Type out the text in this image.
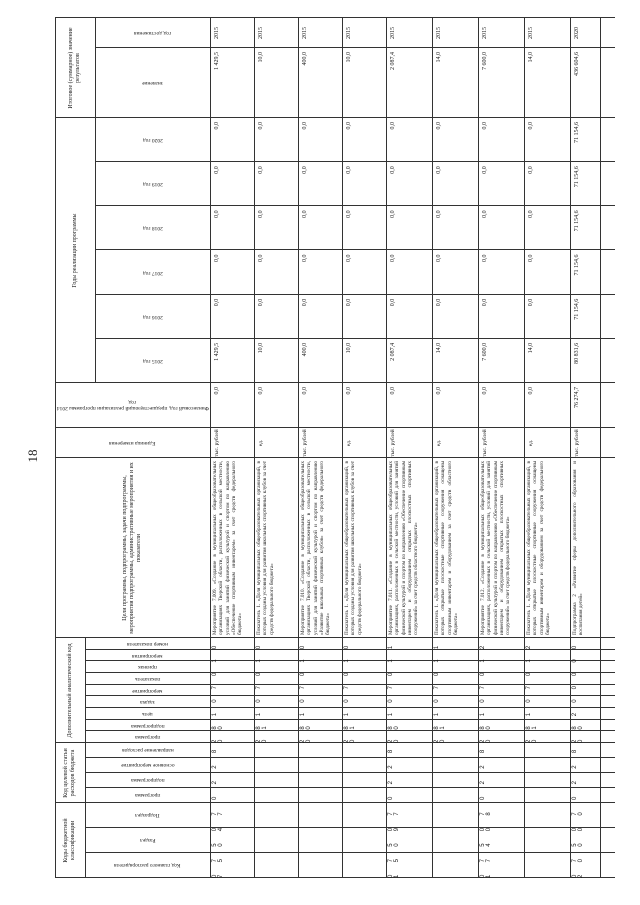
18
Коды бюджетной классификации
Код главного распорядителя
Раздел
Подраздел
Код целевой статьи расходов бюджета	программа
подпрограмма
основное мероприятие
направление расходов
Дополнительный аналитический код	программа
подпрограмма
цель
задача
мероприятие
показатель
признак
мероприятия
номер показателя
Цели программы, подпрограммы, задачи подпрограммы, мероприятия подпрограммы, административные мероприятия и их показатели
Единица измерения
Финансовый год, предшествующий реализации программы 2014 год
Годы реализации программы
2015 год
2016 год
2017 год
2018 год
2019 год
2020 год
Итоговое (суммарное) значение результатов
значение
год достижения
0 7 5 0 7 0 2 2 8 7 5 0 4 7
2 8 1 0 7 0 1 0 0 0
Мероприятие 7.009. «Создание в муниципальных общеобразовательных организациях Тверской области, расположенных в сельской местности, условий для занятий физической культурой и спортом по направлению «Обеспечение спортивным инвентарем» за счет средств федерального бюджета»
тыс. рублей
0,0
1 429,5
0,0
0,0
0,0
0,0
0,0
1 429,5
2015
2 8 1 0 7 0 1 0 0 1
Показатель 1. «Доля муниципальных общеобразовательных организаций, в которых созданы условия для развития школьных спортивных клубов за счет средств федерального бюджета»
ед.
0,0
10,0
0,0
0,0
0,0
0,0
0,0
10,0
2015
2 8 1 0 7 0 1 0 0 0
Мероприятие 7.010. «Создание в муниципальных общеобразовательных организациях Тверской области, расположенных в сельской местности, условий для занятий физической культурой и спортом по направлению «Развитие школьных спортивных клубов» за счет средств федерального бюджета»
тыс. рублей
0,0
400,0
0,0
0,0
0,0
0,0
0,0
400,0
2015
2 8 1 0 7 0 1 0 0 1
Показатель 1. «Доля муниципальных общеобразовательных организаций, в которых созданы условия для развития школьных спортивных клубов за счет средств федерального бюджета»
ед.
0,0
10,0
0,0
0,0
0,0
0,0
0,0
10,0
2015
0 7 5 0 7 0 2 2 8 1 5 0 9 7
2 8 1 0 7 0 1 1 0 0
Мероприятие 7.011. «Создание в муниципальных общеобразовательных организациях, расположенных в сельской местности, условий для занятий физической культурой и спортом по направлению «Обеспечение спортивным инвентарем и оборудованием открытых плоскостных спортивных сооружений» за счет средств областного бюджета»
тыс. рублей
0,0
2 087,4
0,0
0,0
0,0
0,0
0,0
2 087,4
2015
2 8 1 0 7 0 1 1 0 1
Показатель 1. «Доля муниципальных общеобразовательных организаций, в которых открытые плоскостные спортивные сооружения оснащены спортивным инвентарем и оборудованием за счет средств областного бюджета»
ед.
0,0
14,0
0,0
0,0
0,0
0,0
0,0
14,0
2015
0 7 5 0 7 0 2 2 8 1 7 4 0 8
2 8 1 0 7 0 1 2 0 0
Мероприятие 7.012. «Создание в муниципальных общеобразовательных организациях, расположенных в сельской местности, условий для занятий физической культурой и спортом по направлению «Обеспечение спортивным инвентарем и оборудованием открытых плоскостных спортивных сооружений» за счет средств федерального бюджета»
тыс. рублей
0,0
7 600,0
0,0
0,0
0,0
0,0
0,0
7 600,0
2015
2 8 1 0 7 0 1 2 0 1
Показатель 1. «Доля муниципальных общеобразовательных организаций, в которых открытые плоскостные спортивные сооружения оснащены спортивным инвентарем и оборудованием за счет средств федерального бюджета»
ед.
0,0
14,0
0,0
0,0
0,0
0,0
0,0
14,0
2015
0 7 5 0 7 0 2 2 8 2 0 0 0 0
2 8 2 0 0 0 0 0 0 0
Подпрограмма 2 «Развитие сферы дополнительного образования и воспитания детей»
тыс. рублей
76 274,7
80 831,6
71 154,6
71 154,6
71 154,6
71 154,6
71 154,6
436 604,6
2020
